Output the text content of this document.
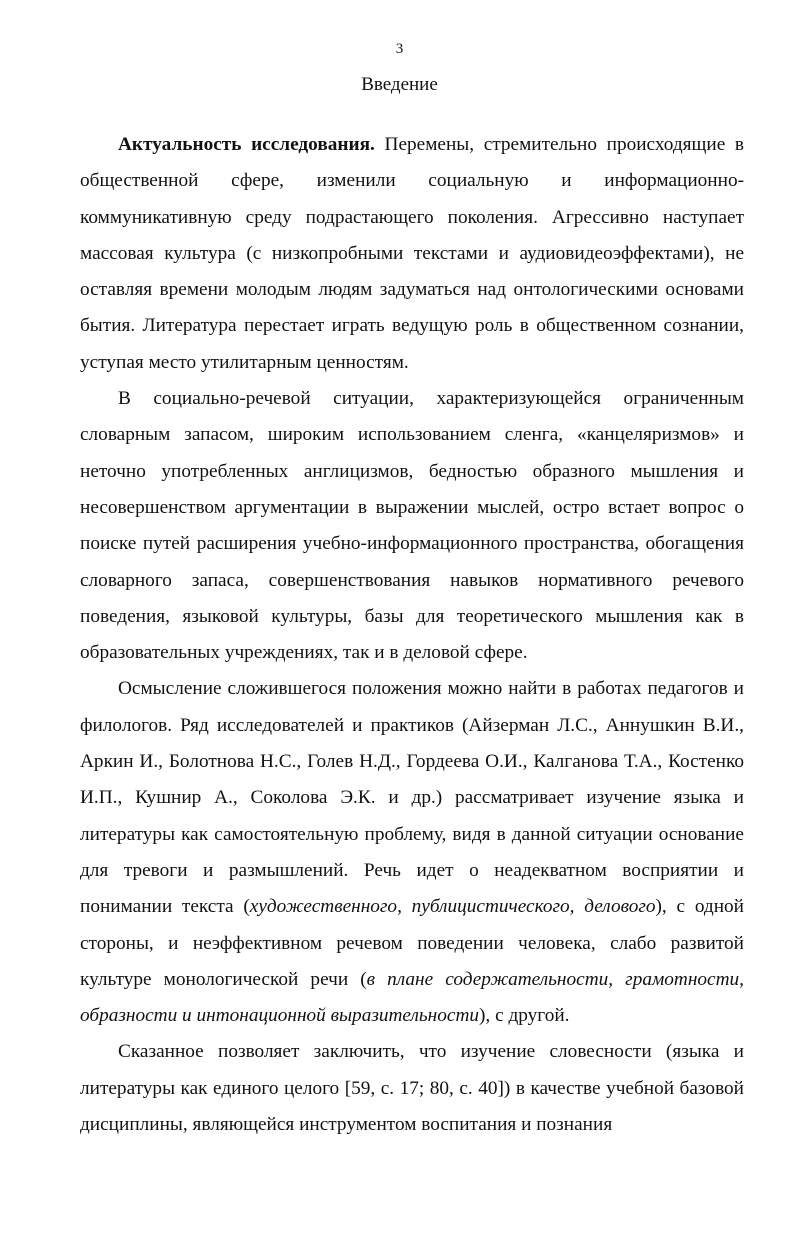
3
Введение

Актуальность исследования. Перемены, стремительно происходящие в общественной сфере, изменили социальную и информационно-коммуникативную среду подрастающего поколения. Агрессивно наступает массовая культура (с низкопробными текстами и аудиовидеоэффектами), не оставляя времени молодым людям задуматься над онтологическими основами бытия. Литература перестает играть ведущую роль в общественном сознании, уступая место утилитарным ценностям.

В социально-речевой ситуации, характеризующейся ограниченным словарным запасом, широким использованием сленга, «канцеляризмов» и неточно употребленных англицизмов, бедностью образного мышления и несовершенством аргументации в выражении мыслей, остро встает вопрос о поиске путей расширения учебно-информационного пространства, обогащения словарного запаса, совершенствования навыков нормативного речевого поведения, языковой культуры, базы для теоретического мышления как в образовательных учреждениях, так и в деловой сфере.

Осмысление сложившегося положения можно найти в работах педагогов и филологов. Ряд исследователей и практиков (Айзерман Л.С., Аннушкин В.И., Аркин И., Болотнова Н.С., Голев Н.Д., Гордеева О.И., Калганова Т.А., Костенко И.П., Кушнир А., Соколова Э.К. и др.) рассматривает изучение языка и литературы как самостоятельную проблему, видя в данной ситуации основание для тревоги и размышлений. Речь идет о неадекватном восприятии и понимании текста (художественного, публицистического, делового), с одной стороны, и неэффективном речевом поведении человека, слабо развитой культуре монологической речи (в плане содержательности, грамотности, образности и интонационной выразительности), с другой.

Сказанное позволяет заключить, что изучение словесности (языка и литературы как единого целого [59, с. 17; 80, с. 40]) в качестве учебной базовой дисциплины, являющейся инструментом воспитания и познания
